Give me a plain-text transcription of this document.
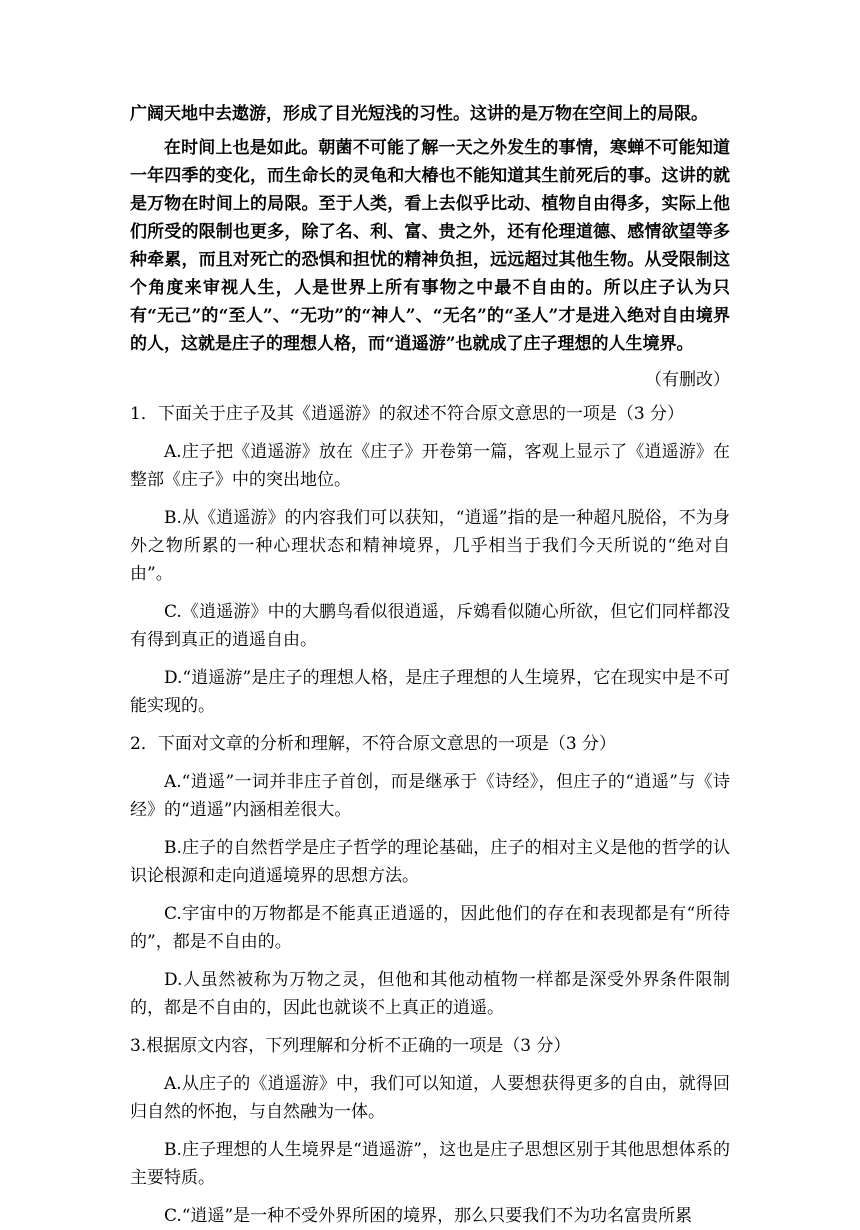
广阔天地中去遨游，形成了目光短浅的习性。这讲的是万物在空间上的局限。

在时间上也是如此。朝菌不可能了解一天之外发生的事情，寒蝉不可能知道一年四季的变化，而生命长的灵龟和大椿也不能知道其生前死后的事。这讲的就是万物在时间上的局限。至于人类，看上去似乎比动、植物自由得多，实际上他们所受的限制也更多，除了名、利、富、贵之外，还有伦理道德、感情欲望等多种牵累，而且对死亡的恐惧和担忧的精神负担，远远超过其他生物。从受限制这个角度来审视人生，人是世界上所有事物之中最不自由的。所以庄子认为只有“无己”的“至人”、“无功”的“神人”、“无名”的“圣人”才是进入绝对自由境界的人，这就是庄子的理想人格，而“逍遥游”也就成了庄子理想的人生境界。

（有删改）

1．下面关于庄子及其《逍遥游》的叙述不符合原文意思的一项是（3 分）

A.庄子把《逍遥游》放在《庄子》开卷第一篇，客观上显示了《逍遥游》在整部《庄子》中的突出地位。

B.从《逍遥游》的内容我们可以获知，“逍遥”指的是一种超凡脱俗，不为身外之物所累的一种心理状态和精神境界，几乎相当于我们今天所说的“绝对自由”。

C.《逍遥游》中的大鹏鸟看似很逍遥，斥鴳看似随心所欲，但它们同样都没有得到真正的逍遥自由。

D.“逍遥游”是庄子的理想人格，是庄子理想的人生境界，它在现实中是不可能实现的。

2．下面对文章的分析和理解，不符合原文意思的一项是（3 分）

A.“逍遥”一词并非庄子首创，而是继承于《诗经》，但庄子的“逍遥”与《诗经》的“逍遥”内涵相差很大。

B.庄子的自然哲学是庄子哲学的理论基础，庄子的相对主义是他的哲学的认识论根源和走向逍遥境界的思想方法。

C.宇宙中的万物都是不能真正逍遥的，因此他们的存在和表现都是有“所待的”，都是不自由的。

D.人虽然被称为万物之灵，但他和其他动植物一样都是深受外界条件限制的，都是不自由的，因此也就谈不上真正的逍遥。

3.根据原文内容，下列理解和分析不正确的一项是（3 分）

A.从庄子的《逍遥游》中，我们可以知道，人要想获得更多的自由，就得回归自然的怀抱，与自然融为一体。

B.庄子理想的人生境界是“逍遥游”，这也是庄子思想区别于其他思想体系的主要特质。

C.“逍遥”是一种不受外界所困的境界，那么只要我们不为功名富贵所累
